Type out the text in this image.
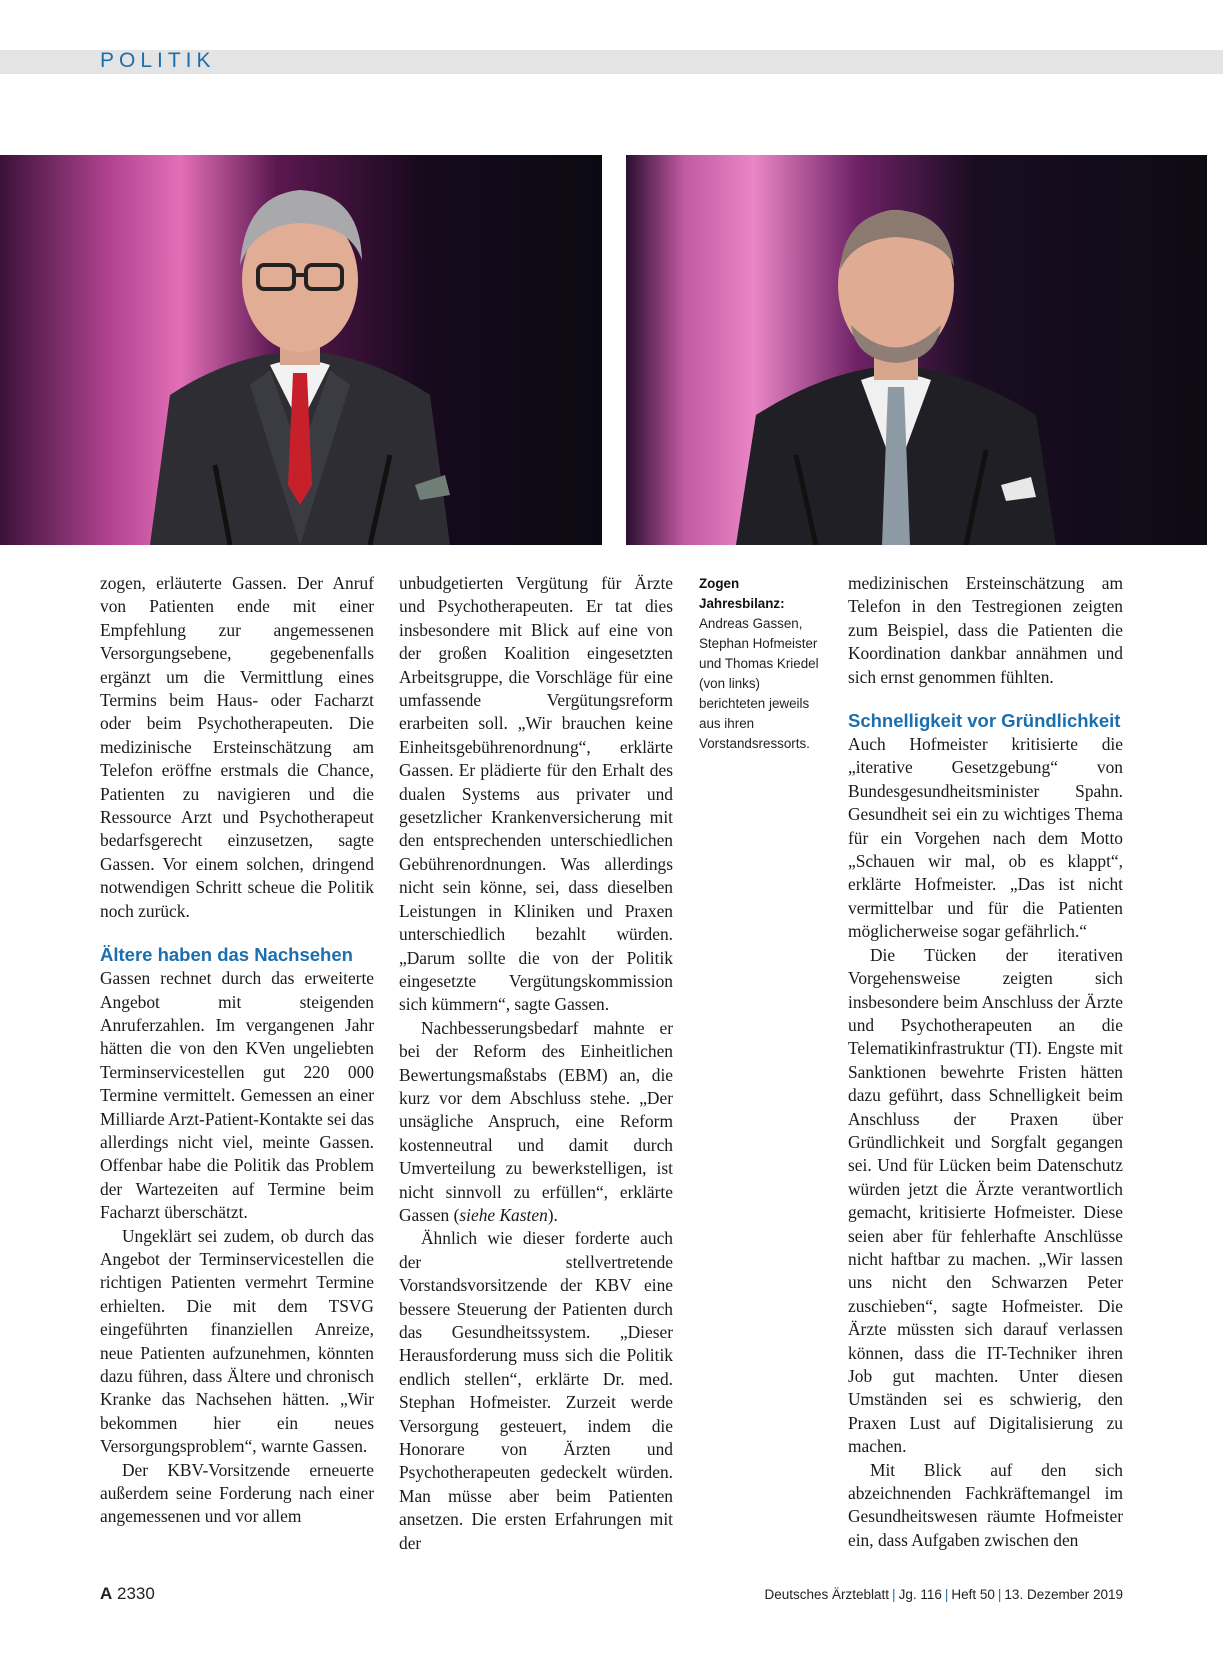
POLITIK

zogen, erläuterte Gassen. Der Anruf von Patienten ende mit einer Empfehlung zur angemessenen Versorgungsebene, gegebenenfalls ergänzt um die Vermittlung eines Termins beim Haus- oder Facharzt oder beim Psychotherapeuten. Die medizinische Ersteinschätzung am Telefon eröffne erstmals die Chance, Patienten zu navigieren und die Ressource Arzt und Psychotherapeut bedarfsgerecht einzusetzen, sagte Gassen. Vor einem solchen, dringend notwendigen Schritt scheue die Politik noch zurück.

Ältere haben das Nachsehen

Gassen rechnet durch das erweiterte Angebot mit steigenden Anruferzahlen. Im vergangenen Jahr hätten die von den KVen ungeliebten Terminservicestellen gut 220 000 Termine vermittelt. Gemessen an einer Milliarde Arzt-Patient-Kontakte sei das allerdings nicht viel, meinte Gassen. Offenbar habe die Politik das Problem der Wartezeiten auf Termine beim Facharzt überschätzt.

Ungeklärt sei zudem, ob durch das Angebot der Terminservicestellen die richtigen Patienten vermehrt Termine erhielten. Die mit dem TSVG eingeführten finanziellen Anreize, neue Patienten aufzunehmen, könnten dazu führen, dass Ältere und chronisch Kranke das Nachsehen hätten. „Wir bekommen hier ein neues Versorgungsproblem“, warnte Gassen.

Der KBV-Vorsitzende erneuerte außerdem seine Forderung nach einer angemessenen und vor allem

unbudgetierten Vergütung für Ärzte und Psychotherapeuten. Er tat dies insbesondere mit Blick auf eine von der großen Koalition eingesetzten Arbeitsgruppe, die Vorschläge für eine umfassende Vergütungsreform erarbeiten soll. „Wir brauchen keine Einheitsgebührenordnung“, erklärte Gassen. Er plädierte für den Erhalt des dualen Systems aus privater und gesetzlicher Krankenversicherung mit den entsprechenden unterschiedlichen Gebührenordnungen. Was allerdings nicht sein könne, sei, dass dieselben Leistungen in Kliniken und Praxen unterschiedlich bezahlt würden. „Darum sollte die von der Politik eingesetzte Vergütungskommission sich kümmern“, sagte Gassen.

Nachbesserungsbedarf mahnte er bei der Reform des Einheitlichen Bewertungsmaßstabs (EBM) an, die kurz vor dem Abschluss stehe. „Der unsägliche Anspruch, eine Reform kostenneutral und damit durch Umverteilung zu bewerkstelligen, ist nicht sinnvoll zu erfüllen“, erklärte Gassen (siehe Kasten).

Ähnlich wie dieser forderte auch der stellvertretende Vorstandsvorsitzende der KBV eine bessere Steuerung der Patienten durch das Gesundheitssystem. „Dieser Herausforderung muss sich die Politik endlich stellen“, erklärte Dr. med. Stephan Hofmeister. Zurzeit werde Versorgung gesteuert, indem die Honorare von Ärzten und Psychotherapeuten gedeckelt würden. Man müsse aber beim Patienten ansetzen. Die ersten Erfahrungen mit der

Zogen Jahresbilanz: Andreas Gassen, Stephan Hofmeister und Thomas Kriedel (von links) berichteten jeweils aus ihren Vorstandsressorts.

medizinischen Ersteinschätzung am Telefon in den Testregionen zeigten zum Beispiel, dass die Patienten die Koordination dankbar annähmen und sich ernst genommen fühlten.

Schnelligkeit vor Gründlichkeit

Auch Hofmeister kritisierte die „iterative Gesetzgebung“ von Bundesgesundheitsminister Spahn. Gesundheit sei ein zu wichtiges Thema für ein Vorgehen nach dem Motto „Schauen wir mal, ob es klappt“, erklärte Hofmeister. „Das ist nicht vermittelbar und für die Patienten möglicherweise sogar gefährlich.“

Die Tücken der iterativen Vorgehensweise zeigten sich insbesondere beim Anschluss der Ärzte und Psychotherapeuten an die Telematikinfrastruktur (TI). Engste mit Sanktionen bewehrte Fristen hätten dazu geführt, dass Schnelligkeit beim Anschluss der Praxen über Gründlichkeit und Sorgfalt gegangen sei. Und für Lücken beim Datenschutz würden jetzt die Ärzte verantwortlich gemacht, kritisierte Hofmeister. Diese seien aber für fehlerhafte Anschlüsse nicht haftbar zu machen. „Wir lassen uns nicht den Schwarzen Peter zuschieben“, sagte Hofmeister. Die Ärzte müssten sich darauf verlassen können, dass die IT-Techniker ihren Job gut machten. Unter diesen Umständen sei es schwierig, den Praxen Lust auf Digitalisierung zu machen.

Mit Blick auf den sich abzeichnenden Fachkräftemangel im Gesundheitswesen räumte Hofmeister ein, dass Aufgaben zwischen den

A 2330	Deutsches Ärzteblatt | Jg. 116 | Heft 50 | 13. Dezember 2019
